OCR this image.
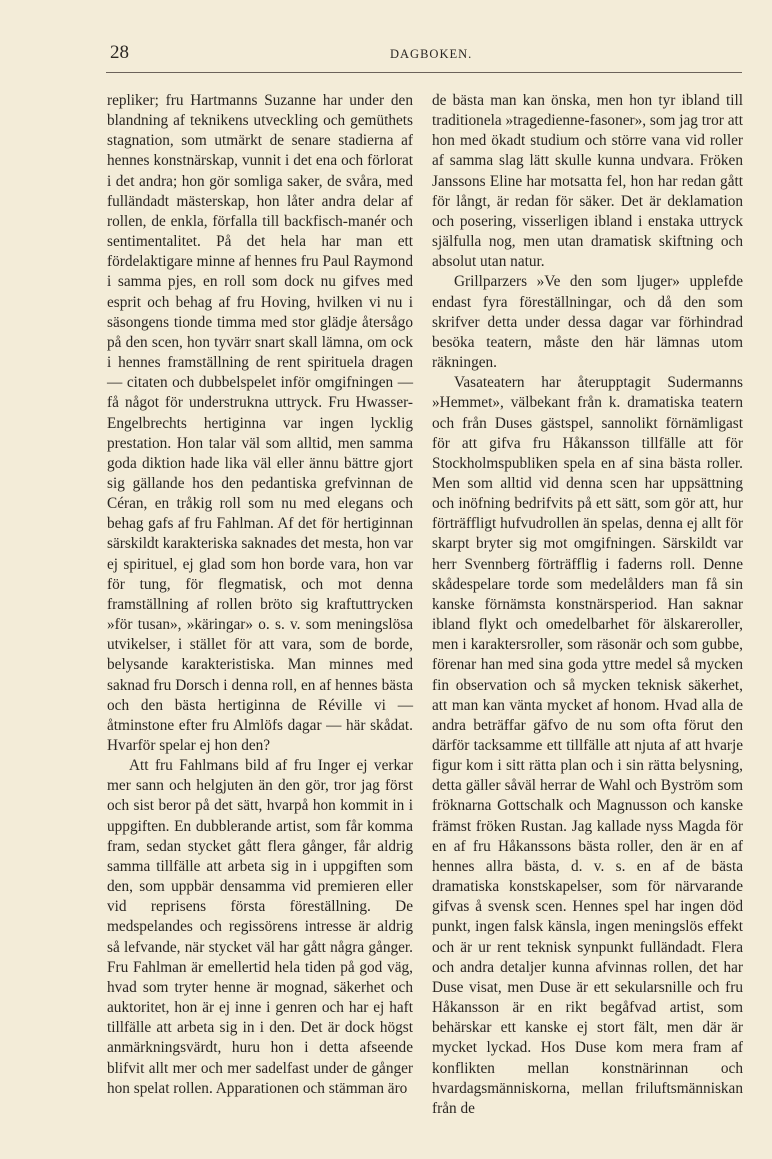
28	DAGBOKEN.

repliker; fru Hartmanns Suzanne har under den blandning af teknikens utveckling och gemüthets stagnation, som utmärkt de senare stadierna af hennes konstnärskap, vunnit i det ena och förlorat i det andra; hon gör somliga saker, de svåra, med fulländadt mästerskap, hon låter andra delar af rollen, de enkla, förfalla till backfisch-manér och sentimentalitet. På det hela har man ett fördelaktigare minne af hennes fru Paul Raymond i samma pjes, en roll som dock nu gifves med esprit och behag af fru Hoving, hvilken vi nu i säsongens tionde timma med stor glädje återsågo på den scen, hon tyvärr snart skall lämna, om ock i hennes framställning de rent spirituela dragen — citaten och dubbelspelet inför omgifningen — få något för understrukna uttryck. Fru Hwasser-Engelbrechts hertiginna var ingen lycklig prestation. Hon talar väl som alltid, men samma goda diktion hade lika väl eller ännu bättre gjort sig gällande hos den pedantiska grefvinnan de Céran, en tråkig roll som nu med elegans och behag gafs af fru Fahlman. Af det för hertiginnan särskildt karakteriska saknades det mesta, hon var ej spirituel, ej glad som hon borde vara, hon var för tung, för flegmatisk, och mot denna framställning af rollen bröto sig kraftuttrycken »för tusan», »käringar» o. s. v. som meningslösa utvikelser, i stället för att vara, som de borde, belysande karakteristiska. Man minnes med saknad fru Dorsch i denna roll, en af hennes bästa och den bästa hertiginna de Réville vi — åtminstone efter fru Almlöfs dagar — här skådat. Hvarför spelar ej hon den?

Att fru Fahlmans bild af fru Inger ej verkar mer sann och helgjuten än den gör, tror jag först och sist beror på det sätt, hvarpå hon kommit in i uppgiften. En dubblerande artist, som får komma fram, sedan stycket gått flera gånger, får aldrig samma tillfälle att arbeta sig in i uppgiften som den, som uppbär densamma vid premieren eller vid reprisens första föreställning. De medspelandes och regissörens intresse är aldrig så lefvande, när stycket väl har gått några gånger. Fru Fahlman är emellertid hela tiden på god väg, hvad som tryter henne är mognad, säkerhet och auktoritet, hon är ej inne i genren och har ej haft tillfälle att arbeta sig in i den. Det är dock högst anmärkningsvärdt, huru hon i detta afseende blifvit allt mer och mer sadelfast under de gånger hon spelat rollen. Apparationen och stämman äro

de bästa man kan önska, men hon tyr ibland till traditionela »tragedienne-fasoner», som jag tror att hon med ökadt studium och större vana vid roller af samma slag lätt skulle kunna undvara. Fröken Janssons Eline har motsatta fel, hon har redan gått för långt, är redan för säker. Det är deklamation och posering, visserligen ibland i enstaka uttryck själfulla nog, men utan dramatisk skiftning och absolut utan natur.

Grillparzers »Ve den som ljuger» upplefde endast fyra föreställningar, och då den som skrifver detta under dessa dagar var förhindrad besöka teatern, måste den här lämnas utom räkningen.

Vasateatern har återupptagit Sudermanns »Hemmet», välbekant från k. dramatiska teatern och från Duses gästspel, sannolikt förnämligast för att gifva fru Håkansson tillfälle att för Stockholmspubliken spela en af sina bästa roller. Men som alltid vid denna scen har uppsättning och inöfning bedrifvits på ett sätt, som gör att, hur förträffligt hufvudrollen än spelas, denna ej allt för skarpt bryter sig mot omgifningen. Särskildt var herr Svennberg förträfflig i faderns roll. Denne skådespelare torde som medelålders man få sin kanske förnämsta konstnärsperiod. Han saknar ibland flykt och omedelbarhet för älskareroller, men i karaktersroller, som räsonär och som gubbe, förenar han med sina goda yttre medel så mycken fin observation och så mycken teknisk säkerhet, att man kan vänta mycket af honom. Hvad alla de andra beträffar gäfvo de nu som ofta förut den därför tacksamme ett tillfälle att njuta af att hvarje figur kom i sitt rätta plan och i sin rätta belysning, detta gäller såväl herrar de Wahl och Byström som fröknarna Gottschalk och Magnusson och kanske främst fröken Rustan. Jag kallade nyss Magda för en af fru Håkanssons bästa roller, den är en af hennes allra bästa, d. v. s. en af de bästa dramatiska konstskapelser, som för närvarande gifvas å svensk scen. Hennes spel har ingen död punkt, ingen falsk känsla, ingen meningslös effekt och är ur rent teknisk synpunkt fulländadt. Flera och andra detaljer kunna afvinnas rollen, det har Duse visat, men Duse är ett sekularsnille och fru Håkansson är en rikt begåfvad artist, som behärskar ett kanske ej stort fält, men där är mycket lyckad. Hos Duse kom mera fram af konflikten mellan konstnärinnan och hvardagsmänniskorna, mellan friluftsmänniskan från de
